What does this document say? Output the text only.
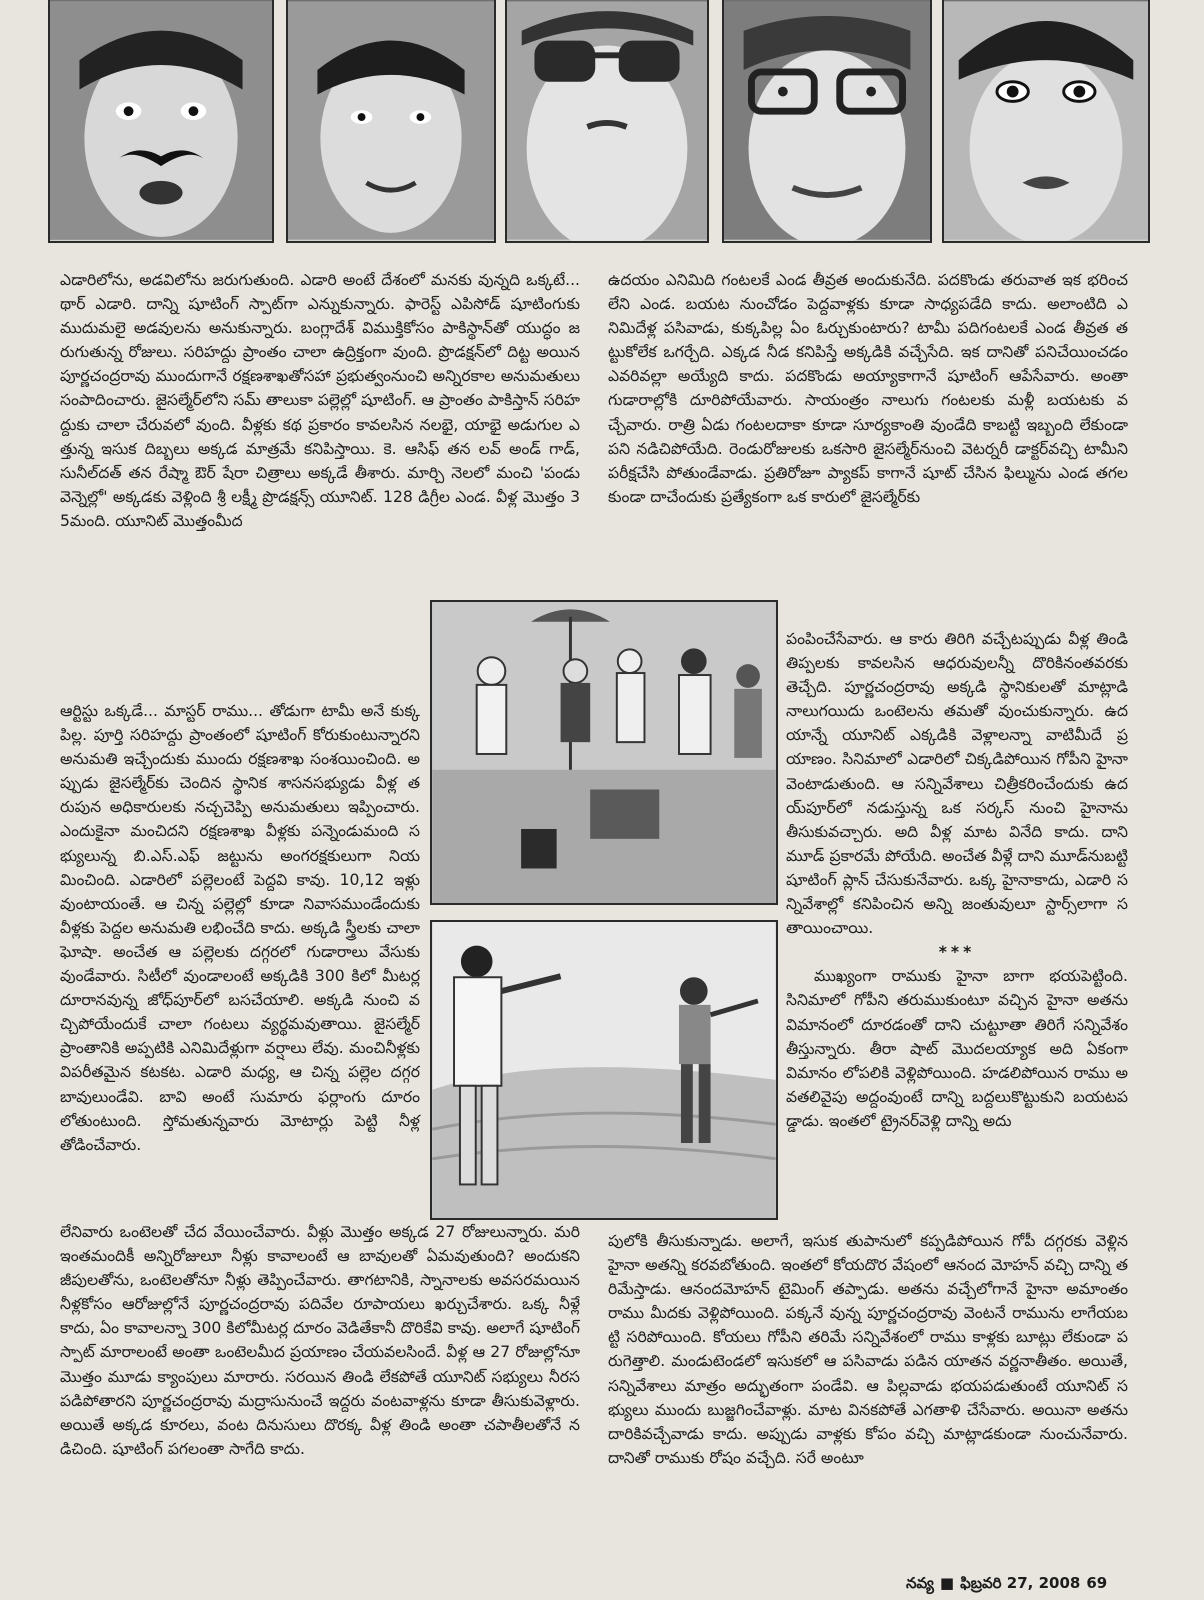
ఎడారిలోను, అడవిలోను జరుగుతుంది. ఎడారి అంటే దేశంలో మనకు వున్నది ఒక్కటే... థార్ ఎడారి. దాన్ని షూటింగ్ స్పాట్‌గా ఎన్నుకున్నారు. ఫారెస్ట్ ఎపిసోడ్ షూటింగుకు ముదుమలై అడవులను అనుకున్నారు. బంగ్లాదేశ్ విముక్తికోసం పాకిస్థాన్‌తో యుద్ధం జరుగుతున్న రోజులు. సరిహద్దు ప్రాంతం చాలా ఉద్రిక్తంగా వుంది. ప్రొడక్షన్‌లో దిట్ట అయిన పూర్ణచంద్రరావు ముందుగానే రక్షణశాఖతోసహా ప్రభుత్వంనుంచి అన్నిరకాల అనుమతులు సంపాదించారు. జైసల్మేర్‌లోని సమ్ తాలుకా పల్లెల్లో షూటింగ్. ఆ ప్రాంతం పాకిస్తాన్ సరిహద్దుకు చాలా చేరువలో వుంది. వీళ్లకు కథ ప్రకారం కావలసిన నలభై, యాభై అడుగుల ఎత్తున్న ఇసుక దిబ్బలు అక్కడ మాత్రమే కనిపిస్తాయి. కె. ఆసిఫ్ తన లవ్ అండ్ గాడ్, సునీల్‌దత్ తన రేష్మా ఔర్ షేరా చిత్రాలు అక్కడే తీశారు. మార్చి నెలలో మంచి 'పండు వెన్నెల్లో' అక్కడకు వెళ్లింది శ్రీ లక్ష్మీ ప్రొడక్షన్స్ యూనిట్. 128 డిగ్రీల ఎండ. వీళ్ల మొత్తం 35మంది. యూనిట్ మొత్తంమీద

ఆర్టిస్టు ఒక్కడే... మాస్టర్ రాము... తోడుగా టామీ అనే కుక్కపిల్ల. పూర్తి సరిహద్దు ప్రాంతంలో షూటింగ్ కోరుకుంటున్నారని అనుమతి ఇచ్చేందుకు ముందు రక్షణశాఖ సంశయించింది. అప్పుడు జైసల్మేర్‌కు చెందిన స్థానిక శాసనసభ్యుడు వీళ్ల తరుపున అధికారులకు నచ్చచెప్పి అనుమతులు ఇప్పించారు. ఎందుకైనా మంచిదని రక్షణశాఖ వీళ్లకు పన్నెండుమంది సభ్యులున్న బి.ఎస్.ఎఫ్ జట్టును అంగరక్షకులుగా నియమించింది. ఎడారిలో పల్లెలంటే పెద్దవి కావు. 10,12 ఇళ్లు వుంటాయంతే. ఆ చిన్న పల్లెల్లో కూడా నివాసముండేందుకు వీళ్లకు పెద్దల అనుమతి లభించేది కాదు. అక్కడి స్త్రీలకు చాలా ఘోషా. అంచేత ఆ పల్లెలకు దగ్గరలో గుడారాలు వేసుకు వుండేవారు. సిటీలో వుండాలంటే అక్కడికి 300 కిలో మీటర్ల దూరానవున్న జోధ్‌పూర్‌లో బసచేయాలి. అక్కడి నుంచి వచ్చిపోయేందుకే చాలా గంటలు వ్యర్థమవుతాయి. జైసల్మేర్ ప్రాంతానికి అప్పటికి ఎనిమిదేళ్లుగా వర్షాలు లేవు. మంచినీళ్లకు విపరీతమైన కటకట. ఎడారి మధ్య, ఆ చిన్న పల్లెల దగ్గర బావులుండేవి. బావి అంటే సుమారు ఫర్లాంగు దూరం లోతుంటుంది. స్తోమతున్నవారు మోటార్లు పెట్టి నీళ్ల తోడించేవారు.

లేనివారు ఒంటెలతో చేద వేయించేవారు. వీళ్లు మొత్తం అక్కడ 27 రోజులున్నారు. మరి ఇంతమందికీ అన్నిరోజులూ నీళ్లు కావాలంటే ఆ బావులతో ఏమవుతుంది? అందుకని జీపులతోను, ఒంటెలతోనూ నీళ్లు తెప్పించేవారు. తాగటానికి, స్నానాలకు అవసరమయిన నీళ్లకోసం ఆరోజుల్లోనే పూర్ణచంద్రరావు పదివేల రూపాయలు ఖర్చుచేశారు. ఒక్క నీళ్లే కాదు, ఏం కావాలన్నా 300 కిలోమీటర్ల దూరం వెడితేకానీ దొరికేవి కావు. అలాగే షూటింగ్ స్పాట్ మారాలంటే అంతా ఒంటెలమీద ప్రయాణం చేయవలసిందే. వీళ్ల ఆ 27 రోజుల్లోనూ మొత్తం మూడు క్యాంపులు మారారు. సరయిన తిండి లేకపోతే యూనిట్ సభ్యులు నీరసపడిపోతారని పూర్ణచంద్రరావు మద్రాసునుంచే ఇద్దరు వంటవాళ్లను కూడా తీసుకువెళ్లారు. అయితే అక్కడ కూరలు, వంట దినుసులు దొరక్క వీళ్ల తిండి అంతా చపాతీలతోనే నడిచింది. షూటింగ్ పగలంతా సాగేది కాదు.

ఉదయం ఎనిమిది గంటలకే ఎండ తీవ్రత అందుకునేది. పదకొండు తరువాత ఇక భరించలేని ఎండ. బయట నుంచోడం పెద్దవాళ్లకు కూడా సాధ్యపడేది కాదు. అలాంటిది ఎనిమిదేళ్ల పసివాడు, కుక్కపిల్ల ఏం ఓర్చుకుంటారు? టామీ పదిగంటలకే ఎండ తీవ్రత తట్టుకోలేక ఒగర్చేది. ఎక్కడ నీడ కనిపిస్తే అక్కడికి వచ్చేసేది. ఇక దానితో పనిచేయించడం ఎవరివల్లా అయ్యేది కాదు. పదకొండు అయ్యాకాగానే షూటింగ్ ఆపేసేవారు. అంతా గుడారాల్లోకి దూరిపోయేవారు. సాయంత్రం నాలుగు గంటలకు మళ్లీ బయటకు వచ్చేవారు. రాత్రి ఏడు గంటలదాకా కూడా సూర్యకాంతి వుండేది కాబట్టి ఇబ్బంది లేకుండా పని నడిచిపోయేది. రెండురోజులకు ఒకసారి జైసల్మేర్‌నుంచి వెటర్నరీ డాక్టర్‌వచ్చి టామీని పరీక్షచేసి పోతుండేవాడు. ప్రతిరోజూ ప్యాకప్ కాగానే షూట్ చేసిన ఫిల్మును ఎండ తగలకుండా దాచేందుకు ప్రత్యేకంగా ఒక కారులో జైసల్మేర్‌కు

పంపించేసేవారు. ఆ కారు తిరిగి వచ్చేటప్పుడు వీళ్ల తిండి తిప్పలకు కావలసిన ఆధరువులన్నీ దొరికినంతవరకు తెచ్చేది. పూర్ణచంద్రరావు అక్కడి స్థానికులతో మాట్లాడి నాలుగయిదు ఒంటెలను తమతో వుంచుకున్నారు. ఉదయాన్నే యూనిట్ ఎక్కడికి వెళ్లాలన్నా వాటిమీదే ప్రయాణం. సినిమాలో ఎడారిలో చిక్కడిపోయిన గోపీని హైనా వెంటాడుతుంది. ఆ సన్నివేశాలు చిత్రీకరించేందుకు ఉదయ్‌పూర్‌లో నడుస్తున్న ఒక సర్కస్ నుంచి హైనాను తీసుకువచ్చారు. అది వీళ్ల మాట వినేది కాదు. దాని మూడ్ ప్రకారమే పోయేది. అంచేత వీళ్లే దాని మూడ్‌నుబట్టి షూటింగ్ ప్లాన్ చేసుకునేవారు. ఒక్క హైనాకాదు, ఎడారి సన్నివేశాల్లో కనిపించిన అన్ని జంతువులూ స్టార్స్‌లాగా సతాయించాయి.

***

ముఖ్యంగా రాముకు హైనా బాగా భయపెట్టింది. సినిమాలో గోపీని తరుముకుంటూ వచ్చిన హైనా అతను విమానంలో దూరడంతో దాని చుట్టూతా తిరిగే సన్నివేశం తీస్తున్నారు. తీరా షాట్ మొదలయ్యాక అది ఏకంగా విమానం లోపలికి వెళ్లిపోయింది. హడలిపోయిన రాము అవతలివైపు అద్దంవుంటే దాన్ని బద్దలుకొట్టుకుని బయటపడ్డాడు. ఇంతలో ట్రైనర్‌వెళ్లి దాన్ని అదు

పులోకి తీసుకున్నాడు. అలాగే, ఇసుక తుపానులో కప్పడిపోయిన గోపీ దగ్గరకు వెళ్లిన హైనా అతన్ని కరవబోతుంది. ఇంతలో కోయదొర వేషంలో ఆనంద మోహన్ వచ్చి దాన్ని తరిమేస్తాడు. ఆనందమోహన్ టైమింగ్ తప్పాడు. అతను వచ్చేలోగానే హైనా అమాంతం రాము మీదకు వెళ్లిపోయింది. పక్కనే వున్న పూర్ణచంద్రరావు వెంటనే రామును లాగేయబట్టి సరిపోయింది. కోయలు గోపీని తరిమే సన్నివేశంలో రాము కాళ్లకు బూట్లు లేకుండా పరుగెత్తాలి. మండుటెండలో ఇసుకలో ఆ పసివాడు పడిన యాతన వర్ణనాతీతం. అయితే, సన్నివేశాలు మాత్రం అద్భుతంగా పండేవి. ఆ పిల్లవాడు భయపడుతుంటే యూనిట్ సభ్యులు ముందు బుజ్జగించేవాళ్లు. మాట వినకపోతే ఎగతాళి చేసేవారు. అయినా అతను దారికివచ్చేవాడు కాదు. అప్పుడు వాళ్లకు కోపం వచ్చి మాట్లాడకుండా నుంచునేవారు. దానితో రాముకు రోషం వచ్చేది. సరే అంటూ

నవ్య ■ ఫిబ్రవరి 27, 2008 69
